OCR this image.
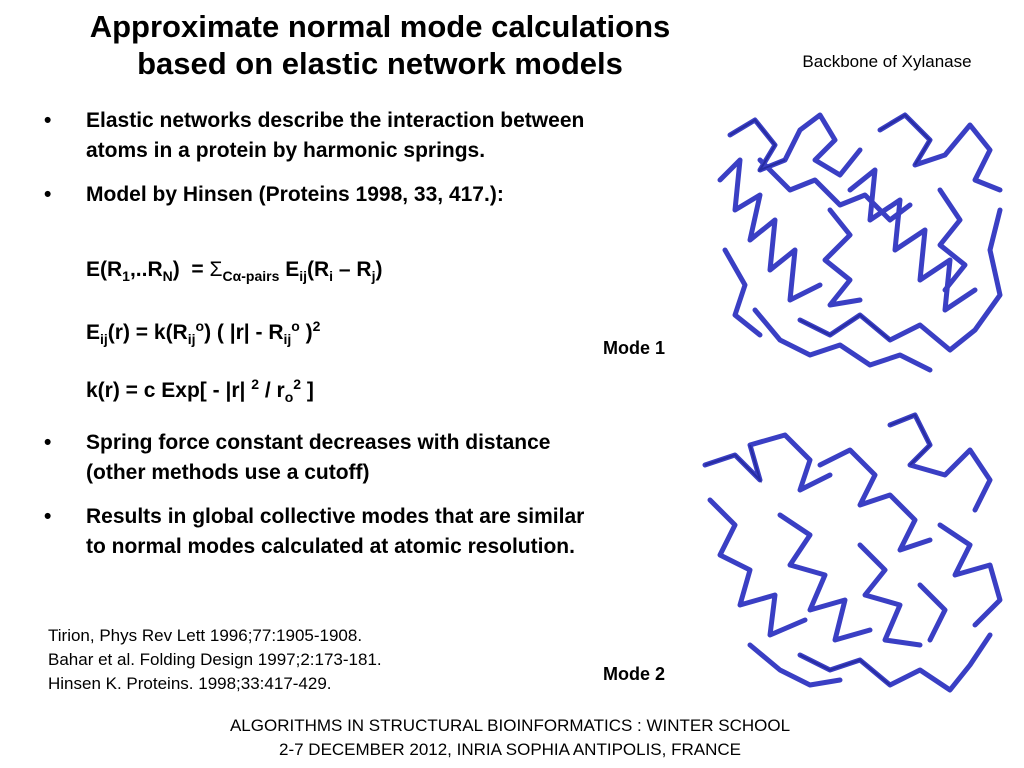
Approximate normal mode calculations
based on elastic network models	Backbone of Xylanase
• Elastic networks describe the interaction between atoms in a protein by harmonic springs.
• Model by Hinsen (Proteins 1998, 33, 417.):
$E(R_1,..R_N) = \Sigma_{C\alpha-pairs}$ $E_{ij}(R_i - R_j)$
$E_{ij}(r) = k(R_{ij}^o)$ ( $|r| - R_{ij}^o$ )$^2$
k(r) = c Exp[ - |r| $^2 / r_o^2$ ]
• Spring force constant decreases with distance (other methods use a cutoff)
• Results in global collective modes that are similar to normal modes calculated at atomic resolution.
Mode 1
Mode 2
Tirion, Phys Rev Lett 1996;77:1905-1908.
Bahar et al. Folding Design 1997;2:173-181.
Hinsen K. Proteins. 1998;33:417-429.
ALGORITHMS IN STRUCTURAL BIOINFORMATICS : WINTER SCHOOL
2-7 DECEMBER 2012, INRIA SOPHIA ANTIPOLIS, FRANCE
